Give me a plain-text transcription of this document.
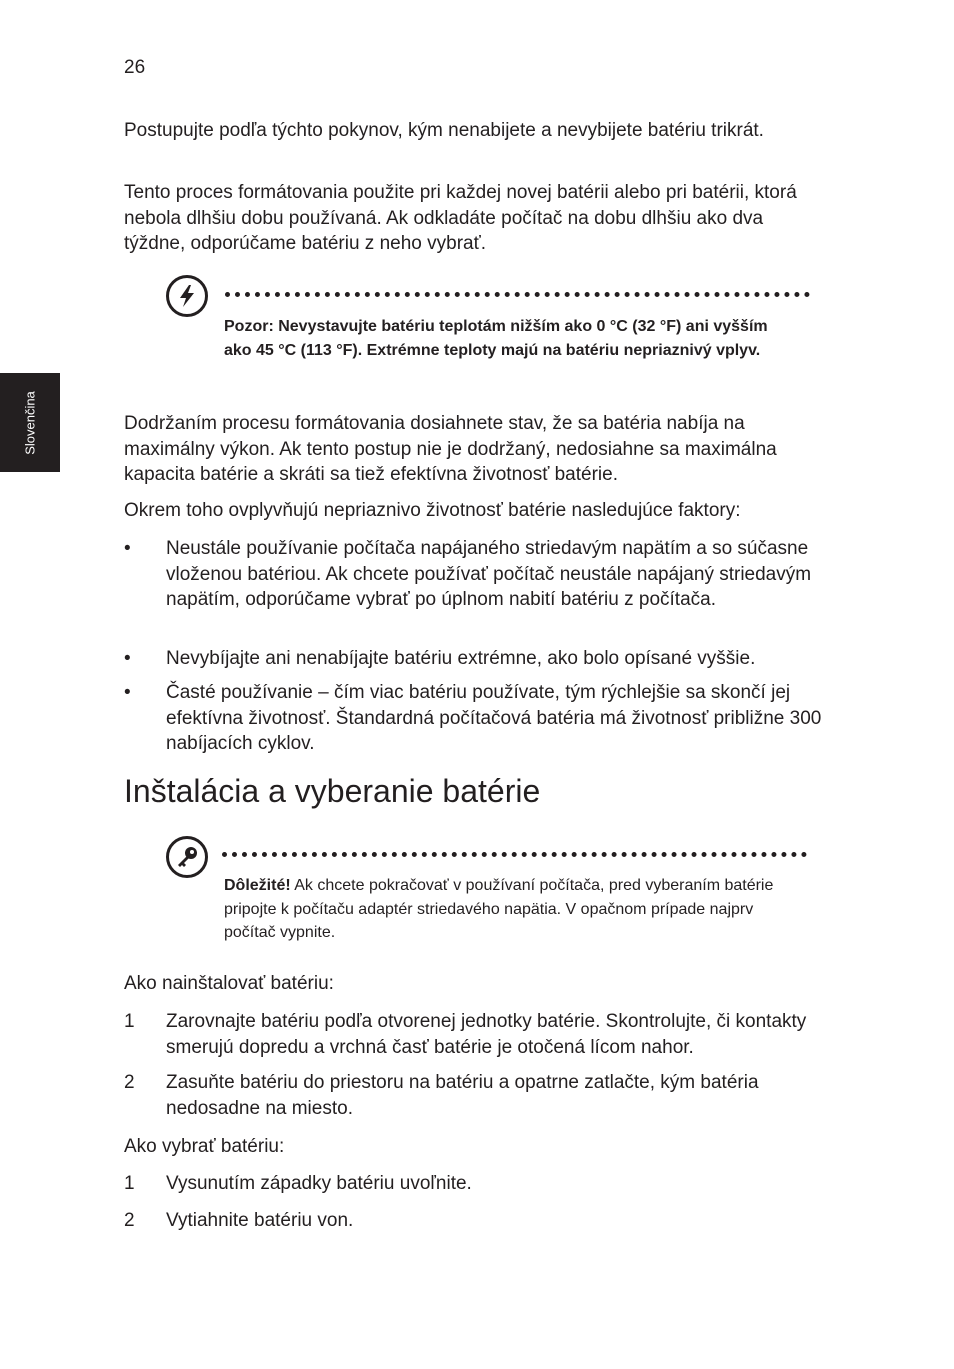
26
Slovenčina

Postupujte podľa týchto pokynov, kým nenabijete a nevybijete batériu trikrát.

Tento proces formátovania použite pri každej novej batérii alebo pri batérii, ktorá nebola dlhšiu dobu používaná. Ak odkladáte počítač na dobu dlhšiu ako dva týždne, odporúčame batériu z neho vybrať.

Pozor: Nevystavujte batériu teplotám nižším ako 0 °C (32 °F) ani vyšším ako 45 °C (113 °F). Extrémne teploty majú na batériu nepriaznivý vplyv.

Dodržaním procesu formátovania dosiahnete stav, že sa batéria nabíja na maximálny výkon. Ak tento postup nie je dodržaný, nedosiahne sa maximálna kapacita batérie a skráti sa tiež efektívna životnosť batérie.

Okrem toho ovplyvňujú nepriaznivo životnosť batérie nasledujúce faktory:

•	Neustále používanie počítača napájaného striedavým napätím a so súčasne vloženou batériou. Ak chcete používať počítač neustále napájaný striedavým napätím, odporúčame vybrať po úplnom nabití batériu z počítača.
•	Nevybíjajte ani nenabíjajte batériu extrémne, ako bolo opísané vyššie.
•	Časté používanie – čím viac batériu používate, tým rýchlejšie sa skončí jej efektívna životnosť. Štandardná počítačová batéria má životnosť približne 300 nabíjacích cyklov.
Inštalácia a vyberanie batérie

Dôležité! Ak chcete pokračovať v používaní počítača, pred vyberaním batérie pripojte k počítaču adaptér striedavého napätia. V opačnom prípade najprv počítač vypnite.

Ako nainštalovať batériu:

1	Zarovnajte batériu podľa otvorenej jednotky batérie. Skontrolujte, či kontakty smerujú dopredu a vrchná časť batérie je otočená lícom nahor.
2	Zasuňte batériu do priestoru na batériu a opatrne zatlačte, kým batéria nedosadne na miesto.

Ako vybrať batériu:

1	Vysunutím západky batériu uvoľnite.
2	Vytiahnite batériu von.
